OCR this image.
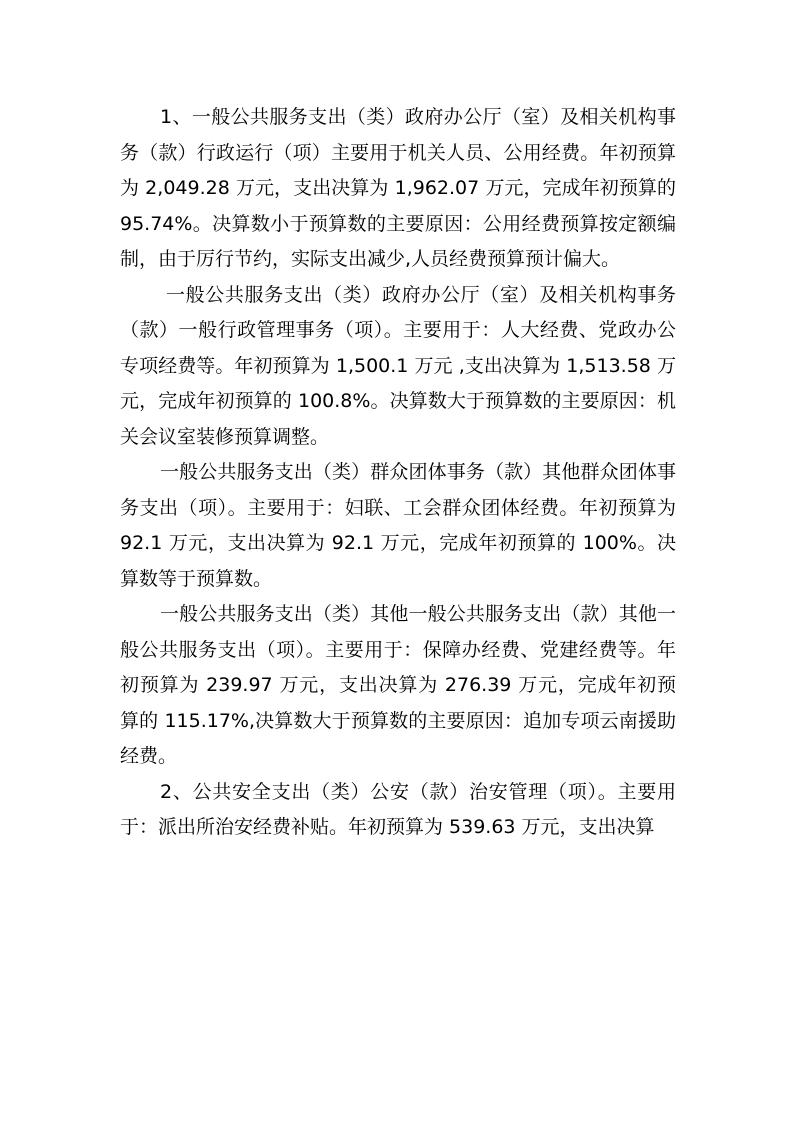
1、一般公共服务支出（类）政府办公厅（室）及相关机构事务（款）行政运行（项）主要用于机关人员、公用经费。年初预算为 2,049.28 万元，支出决算为 1,962.07 万元，完成年初预算的 95.74%。决算数小于预算数的主要原因：公用经费预算按定额编制，由于厉行节约，实际支出减少,人员经费预算预计偏大。

一般公共服务支出（类）政府办公厅（室）及相关机构事务（款）一般行政管理事务（项）。主要用于：人大经费、党政办公专项经费等。年初预算为 1,500.1 万元 ,支出决算为 1,513.58 万元，完成年初预算的 100.8%。决算数大于预算数的主要原因：机关会议室装修预算调整。

一般公共服务支出（类）群众团体事务（款）其他群众团体事务支出（项）。主要用于：妇联、工会群众团体经费。年初预算为 92.1 万元，支出决算为 92.1 万元，完成年初预算的 100%。决算数等于预算数。

一般公共服务支出（类）其他一般公共服务支出（款）其他一般公共服务支出（项）。主要用于：保障办经费、党建经费等。年初预算为 239.97 万元，支出决算为 276.39 万元，完成年初预算的 115.17%,决算数大于预算数的主要原因：追加专项云南援助经费。

2、公共安全支出（类）公安（款）治安管理（项）。主要用于：派出所治安经费补贴。年初预算为 539.63 万元，支出决算
